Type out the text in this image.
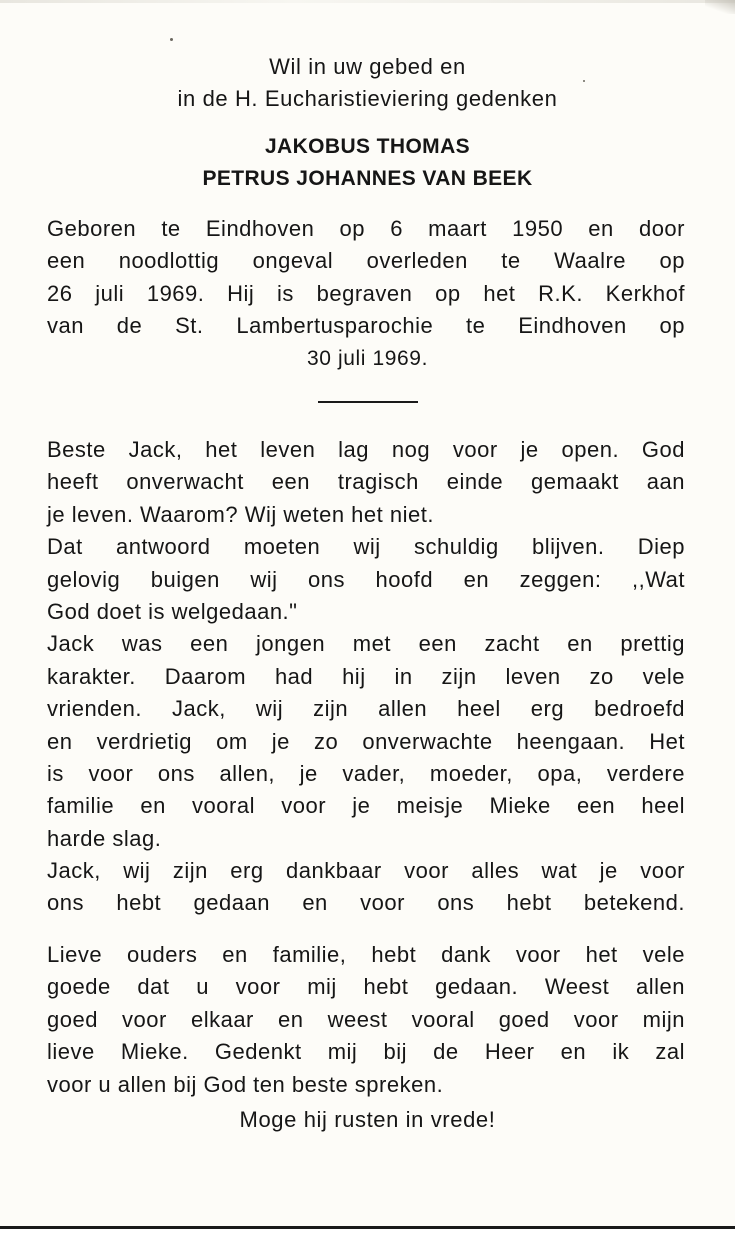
Wil in uw gebed en
in de H. Eucharistieviering gedenken
JAKOBUS THOMAS
PETRUS JOHANNES VAN BEEK
Geboren te Eindhoven op 6 maart 1950 en door
een noodlottig ongeval overleden te Waalre op
26 juli 1969. Hij is begraven op het R.K. Kerkhof
van de St. Lambertusparochie te Eindhoven op
30 juli 1969.
Beste Jack, het leven lag nog voor je open. God
heeft onverwacht een tragisch einde gemaakt aan
je leven. Waarom? Wij weten het niet.
Dat antwoord moeten wij schuldig blijven. Diep
gelovig buigen wij ons hoofd en zeggen: ,,Wat
God doet is welgedaan."
Jack was een jongen met een zacht en prettig
karakter. Daarom had hij in zijn leven zo vele
vrienden. Jack, wij zijn allen heel erg bedroefd
en verdrietig om je zo onverwachte heengaan. Het
is voor ons allen, je vader, moeder, opa, verdere
familie en vooral voor je meisje Mieke een heel
harde slag.
Jack, wij zijn erg dankbaar voor alles wat je voor
ons hebt gedaan en voor ons hebt betekend.
Lieve ouders en familie, hebt dank voor het vele
goede dat u voor mij hebt gedaan. Weest allen
goed voor elkaar en weest vooral goed voor mijn
lieve Mieke. Gedenkt mij bij de Heer en ik zal
voor u allen bij God ten beste spreken.
Moge hij rusten in vrede!
